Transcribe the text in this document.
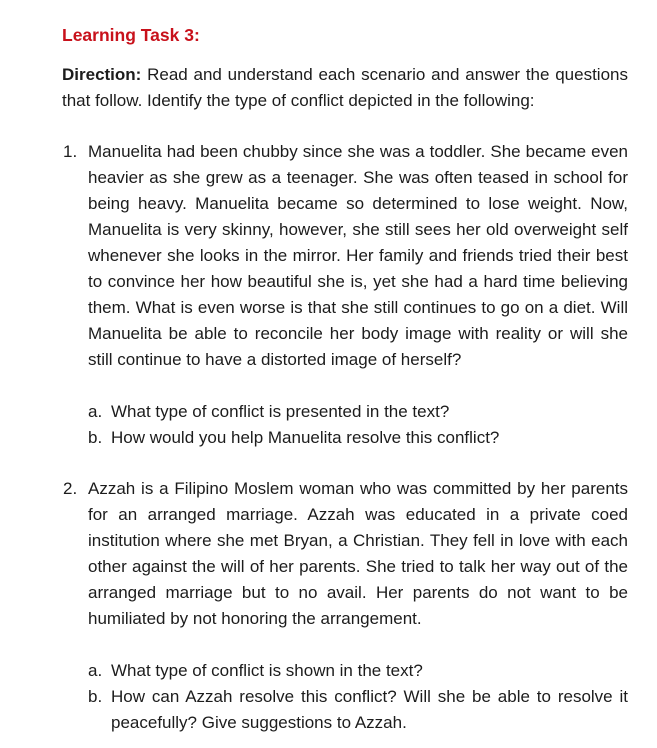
Learning Task 3:

Direction: Read and understand each scenario and answer the questions that follow. Identify the type of conflict depicted in the following:

1. Manuelita had been chubby since she was a toddler. She became even heavier as she grew as a teenager. She was often teased in school for being heavy. Manuelita became so determined to lose weight. Now, Manuelita is very skinny, however, she still sees her old overweight self whenever she looks in the mirror. Her family and friends tried their best to convince her how beautiful she is, yet she had a hard time believing them. What is even worse is that she still continues to go on a diet. Will Manuelita be able to reconcile her body image with reality or will she still continue to have a distorted image of herself?
a. What type of conflict is presented in the text?
b. How would you help Manuelita resolve this conflict?
2. Azzah is a Filipino Moslem woman who was committed by her parents for an arranged marriage. Azzah was educated in a private coed institution where she met Bryan, a Christian. They fell in love with each other against the will of her parents. She tried to talk her way out of the arranged marriage but to no avail. Her parents do not want to be humiliated by not honoring the arrangement.
a. What type of conflict is shown in the text?
b. How can Azzah resolve this conflict? Will she be able to resolve it peacefully? Give suggestions to Azzah.
